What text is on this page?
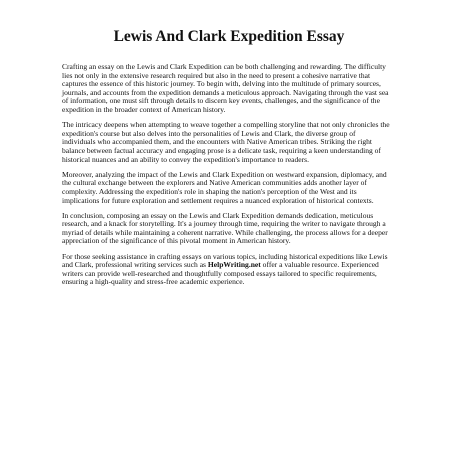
Lewis And Clark Expedition Essay

Crafting an essay on the Lewis and Clark Expedition can be both challenging and rewarding. The difficulty lies not only in the extensive research required but also in the need to present a cohesive narrative that captures the essence of this historic journey. To begin with, delving into the multitude of primary sources, journals, and accounts from the expedition demands a meticulous approach. Navigating through the vast sea of information, one must sift through details to discern key events, challenges, and the significance of the expedition in the broader context of American history.

The intricacy deepens when attempting to weave together a compelling storyline that not only chronicles the expedition's course but also delves into the personalities of Lewis and Clark, the diverse group of individuals who accompanied them, and the encounters with Native American tribes. Striking the right balance between factual accuracy and engaging prose is a delicate task, requiring a keen understanding of historical nuances and an ability to convey the expedition's importance to readers.

Moreover, analyzing the impact of the Lewis and Clark Expedition on westward expansion, diplomacy, and the cultural exchange between the explorers and Native American communities adds another layer of complexity. Addressing the expedition's role in shaping the nation's perception of the West and its implications for future exploration and settlement requires a nuanced exploration of historical contexts.

In conclusion, composing an essay on the Lewis and Clark Expedition demands dedication, meticulous research, and a knack for storytelling. It's a journey through time, requiring the writer to navigate through a myriad of details while maintaining a coherent narrative. While challenging, the process allows for a deeper appreciation of the significance of this pivotal moment in American history.

For those seeking assistance in crafting essays on various topics, including historical expeditions like Lewis and Clark, professional writing services such as HelpWriting.net offer a valuable resource. Experienced writers can provide well-researched and thoughtfully composed essays tailored to specific requirements, ensuring a high-quality and stress-free academic experience.
